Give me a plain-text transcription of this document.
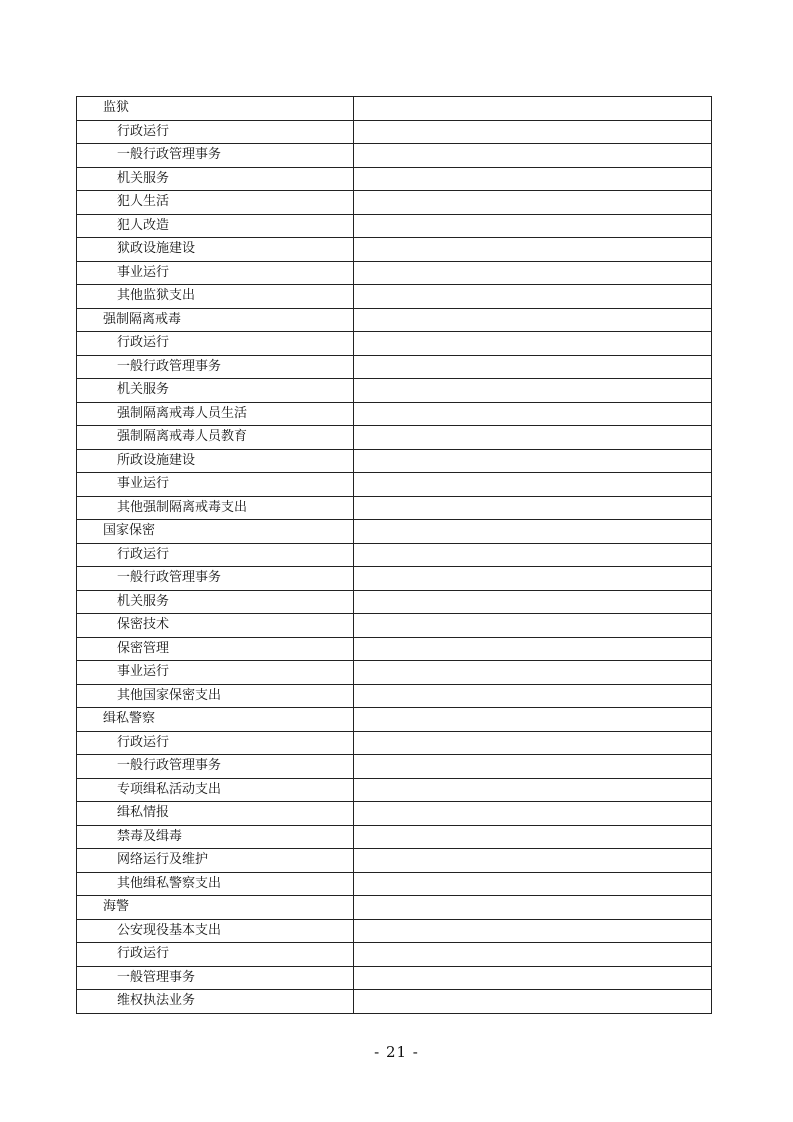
监狱	
行政运行	
一般行政管理事务	
机关服务	
犯人生活	
犯人改造	
狱政设施建设	
事业运行	
其他监狱支出	
强制隔离戒毒	
行政运行	
一般行政管理事务	
机关服务	
强制隔离戒毒人员生活	
强制隔离戒毒人员教育	
所政设施建设	
事业运行	
其他强制隔离戒毒支出	
国家保密	
行政运行	
一般行政管理事务	
机关服务	
保密技术	
保密管理	
事业运行	
其他国家保密支出	
缉私警察	
行政运行	
一般行政管理事务	
专项缉私活动支出	
缉私情报	
禁毒及缉毒	
网络运行及维护	
其他缉私警察支出	
海警	
公安现役基本支出	
行政运行	
一般管理事务	
维权执法业务	
- 21 -
